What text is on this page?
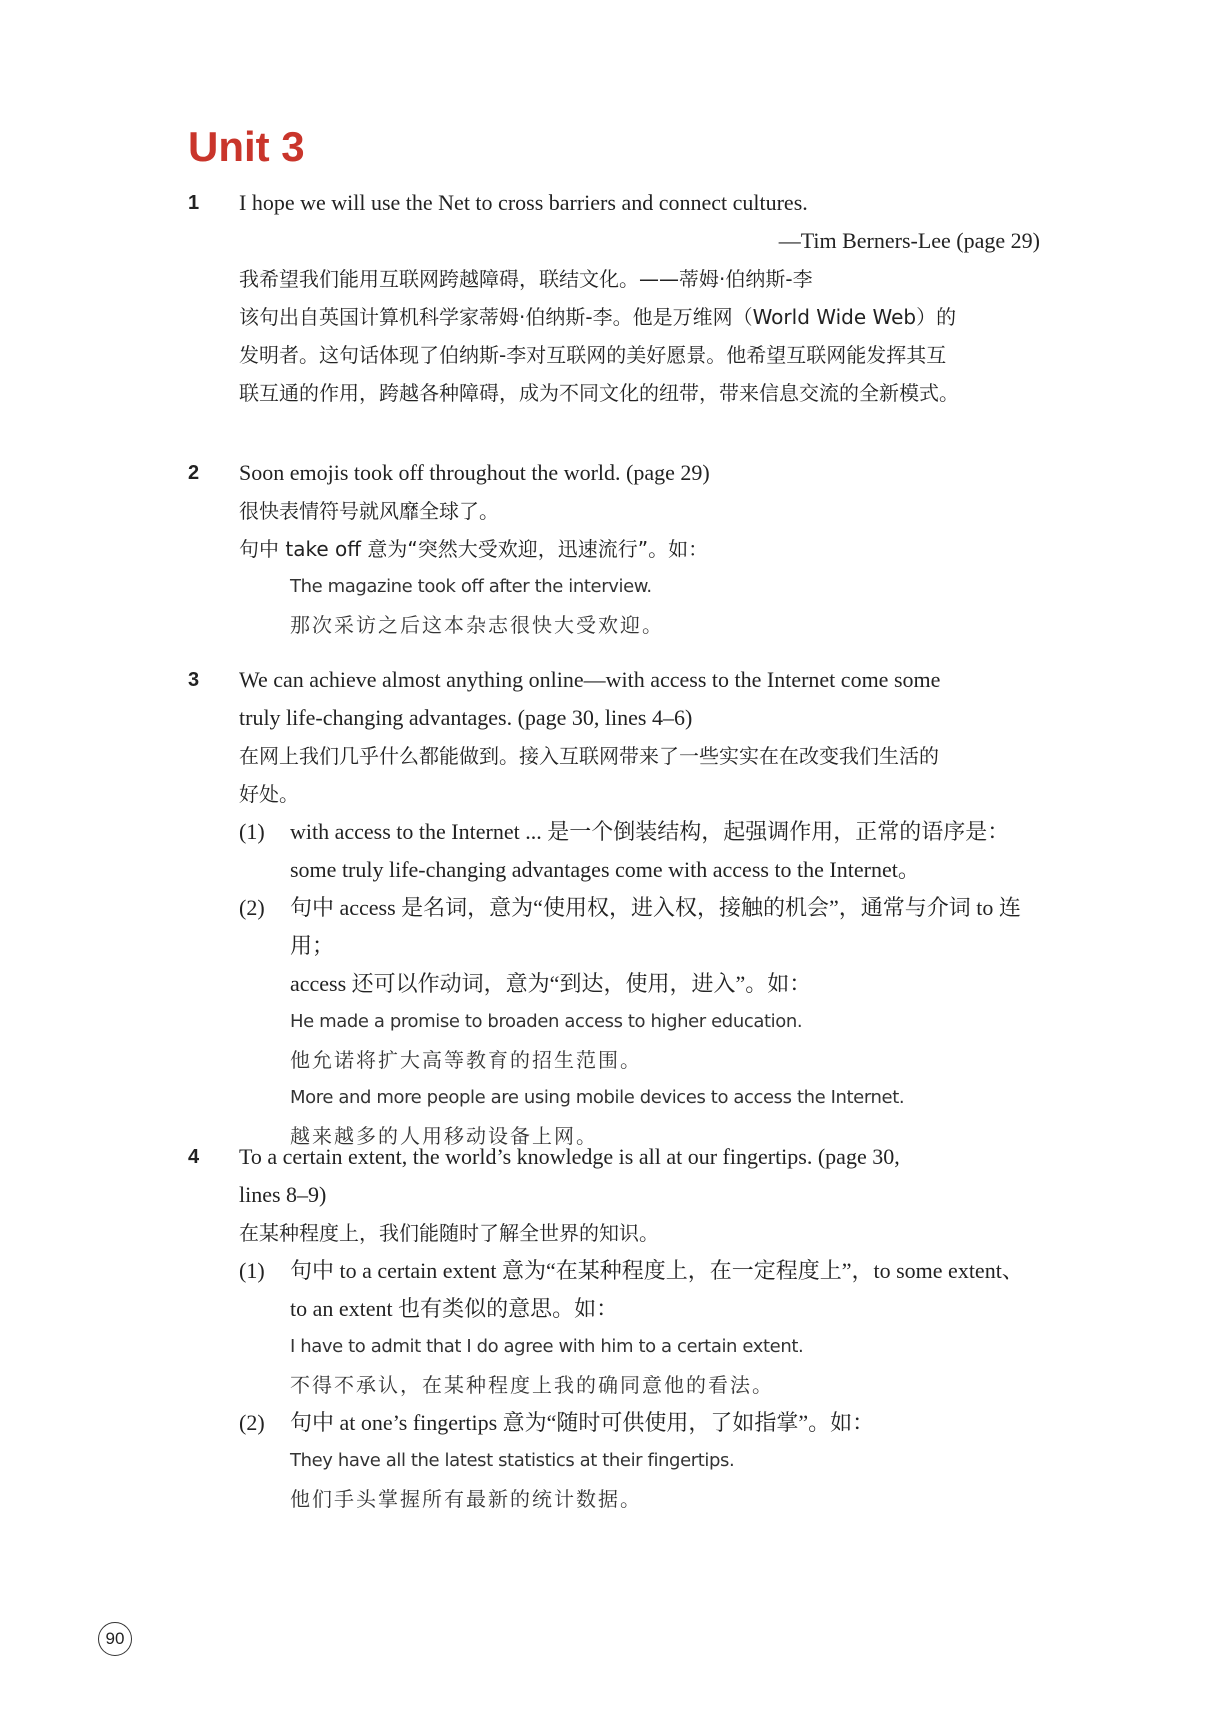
Unit 3
1 I hope we will use the Net to cross barriers and connect cultures.
—Tim Berners-Lee (page 29)
我希望我们能用互联网跨越障碍，联结文化。——蒂姆·伯纳斯-李
该句出自英国计算机科学家蒂姆·伯纳斯-李。他是万维网（World Wide Web）的
发明者。这句话体现了伯纳斯-李对互联网的美好愿景。他希望互联网能发挥其互
联互通的作用，跨越各种障碍，成为不同文化的纽带，带来信息交流的全新模式。
2 Soon emojis took off throughout the world. (page 29)
很快表情符号就风靡全球了。
句中 take off 意为“突然大受欢迎，迅速流行”。如：
The magazine took off after the interview.
那次采访之后这本杂志很快大受欢迎。
3 We can achieve almost anything online—with access to the Internet come some
truly life-changing advantages. (page 30, lines 4–6)
在网上我们几乎什么都能做到。接入互联网带来了一些实实在在改变我们生活的
好处。
(1) with access to the Internet ... 是一个倒装结构，起强调作用，正常的语序是：
some truly life-changing advantages come with access to the Internet。
(2) 句中 access 是名词，意为“使用权，进入权，接触的机会”，通常与介词 to 连用；
access 还可以作动词，意为“到达，使用，进入”。如：
He made a promise to broaden access to higher education.
他允诺将扩大高等教育的招生范围。
More and more people are using mobile devices to access the Internet.
越来越多的人用移动设备上网。
4 To a certain extent, the world’s knowledge is all at our fingertips. (page 30,
lines 8–9)
在某种程度上，我们能随时了解全世界的知识。
(1) 句中 to a certain extent 意为“在某种程度上，在一定程度上”，to some extent、
to an extent 也有类似的意思。如：
I have to admit that I do agree with him to a certain extent.
不得不承认，在某种程度上我的确同意他的看法。
(2) 句中 at one’s fingertips 意为“随时可供使用，了如指掌”。如：
They have all the latest statistics at their fingertips.
他们手头掌握所有最新的统计数据。
90
